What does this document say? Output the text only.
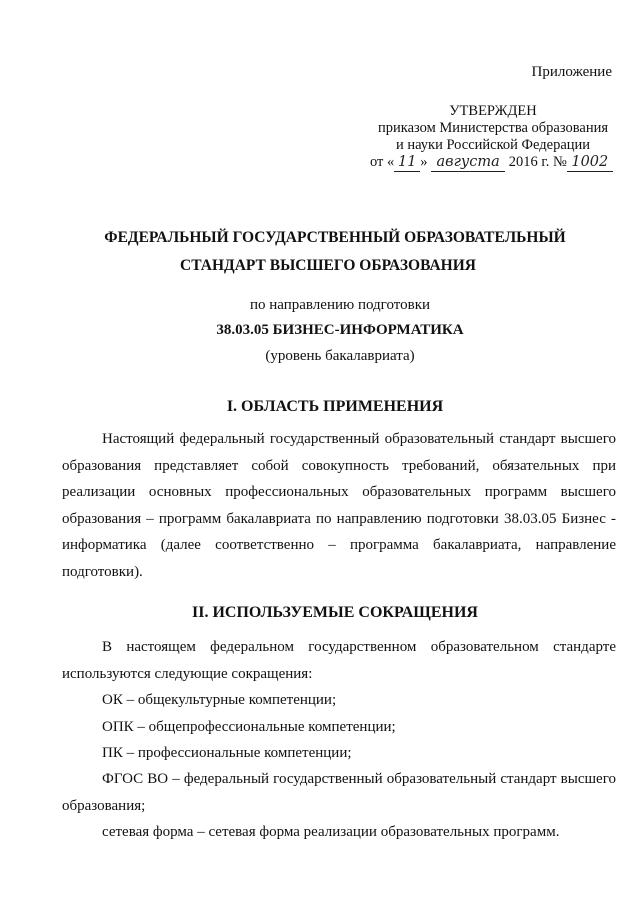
Приложение
УТВЕРЖДЕН
приказом Министерства образования
и науки Российской Федерации
от « 11 » августа 2016 г. № 1002
ФЕДЕРАЛЬНЫЙ ГОСУДАРСТВЕННЫЙ ОБРАЗОВАТЕЛЬНЫЙ
СТАНДАРТ ВЫСШЕГО ОБРАЗОВАНИЯ
по направлению подготовки
38.03.05 БИЗНЕС-ИНФОРМАТИКА
(уровень бакалавриата)
I. ОБЛАСТЬ ПРИМЕНЕНИЯ
Настоящий федеральный государственный образовательный стандарт высшего образования представляет собой совокупность требований, обязательных при реализации основных профессиональных образовательных программ высшего образования – программ бакалавриата по направлению подготовки 38.03.05 Бизнес - информатика (далее соответственно – программа бакалавриата, направление подготовки).
II. ИСПОЛЬЗУЕМЫЕ СОКРАЩЕНИЯ
В настоящем федеральном государственном образовательном стандарте используются следующие сокращения:
ОК – общекультурные компетенции;
ОПК – общепрофессиональные компетенции;
ПК – профессиональные компетенции;
ФГОС ВО – федеральный государственный образовательный стандарт высшего образования;
сетевая форма – сетевая форма реализации образовательных программ.
